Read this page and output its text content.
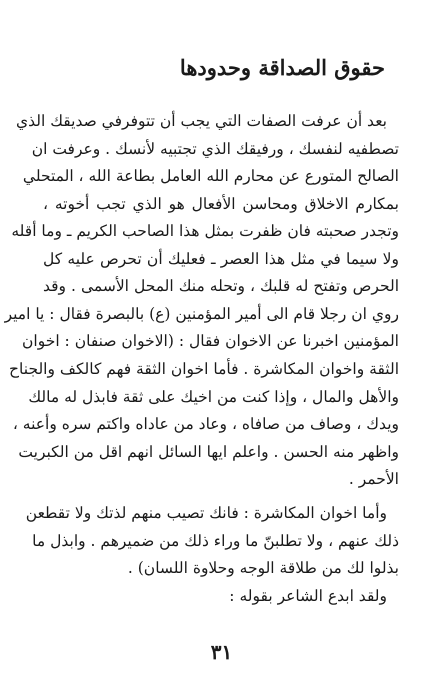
حقوق الصداقة وحدودها
بعد أن عرفت الصفات التي يجب أن تتوفرفي صديقك الذي
تصطفيه لنفسك ، ورفيقك الذي تجتبيه لأنسك . وعرفت ان
الصالح المتورع عن محارم الله العامل بطاعة الله ، المتحلي
بمكارم الاخلاق ومحاسن الأفعال هو الذي تجب أخوته ،
وتجدر صحبته فان ظفرت بمثل هذا الصاحب الكريم ـ وما أقله
ولا سيما في مثل هذا العصر ـ فعليك أن تحرص عليه كل
الحرص وتفتح له قلبك ، وتحله منك المحل الأسمى . وقد
روي ان رجلا قام الى أمير المؤمنين (ع) بالبصرة فقال : يا امير
المؤمنين اخبرنا عن الاخوان فقال : (الاخوان صنفان : اخوان
الثقة واخوان المكاشرة . فأما اخوان الثقة فهم كالكف والجناح
والأهل والمال ، وإذا كنت من اخيك على ثقة فابذل له مالك
ويدك ، وصاف من صافاه ، وعاد من عاداه واكتم سره وأعنه ،
واظهر منه الحسن . واعلم ايها السائل انهم اقل من الكبريت
الأحمر .
وأما اخوان المكاشرة : فانك تصيب منهم لذتك ولا تقطعن
ذلك عنهم ، ولا تطلبنّ ما وراء ذلك من ضميرهم . وابذل ما
بذلوا لك من طلاقة الوجه وحلاوة اللسان) .
ولقد ابدع الشاعر بقوله :
٣١
